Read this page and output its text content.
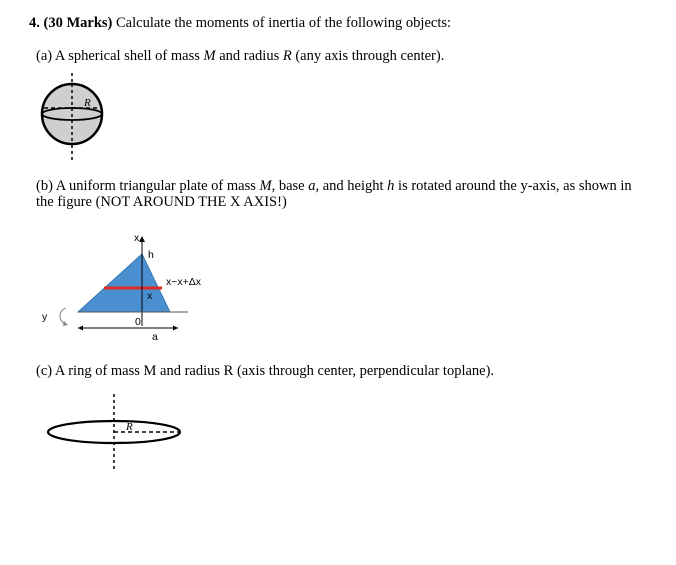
4. (30 Marks) Calculate the moments of inertia of the following objects:
(a) A spherical shell of mass M and radius R (any axis through center).
R
(b) A uniform triangular plate of mass M, base a, and height h is rotated around the y-axis, as shown in the figure (NOT AROUND THE X AXIS!)
x
h
x~x+Δx
x
y	0
a
(c) A ring of mass M and radius R (axis through center, perpendicular toplane).
R
